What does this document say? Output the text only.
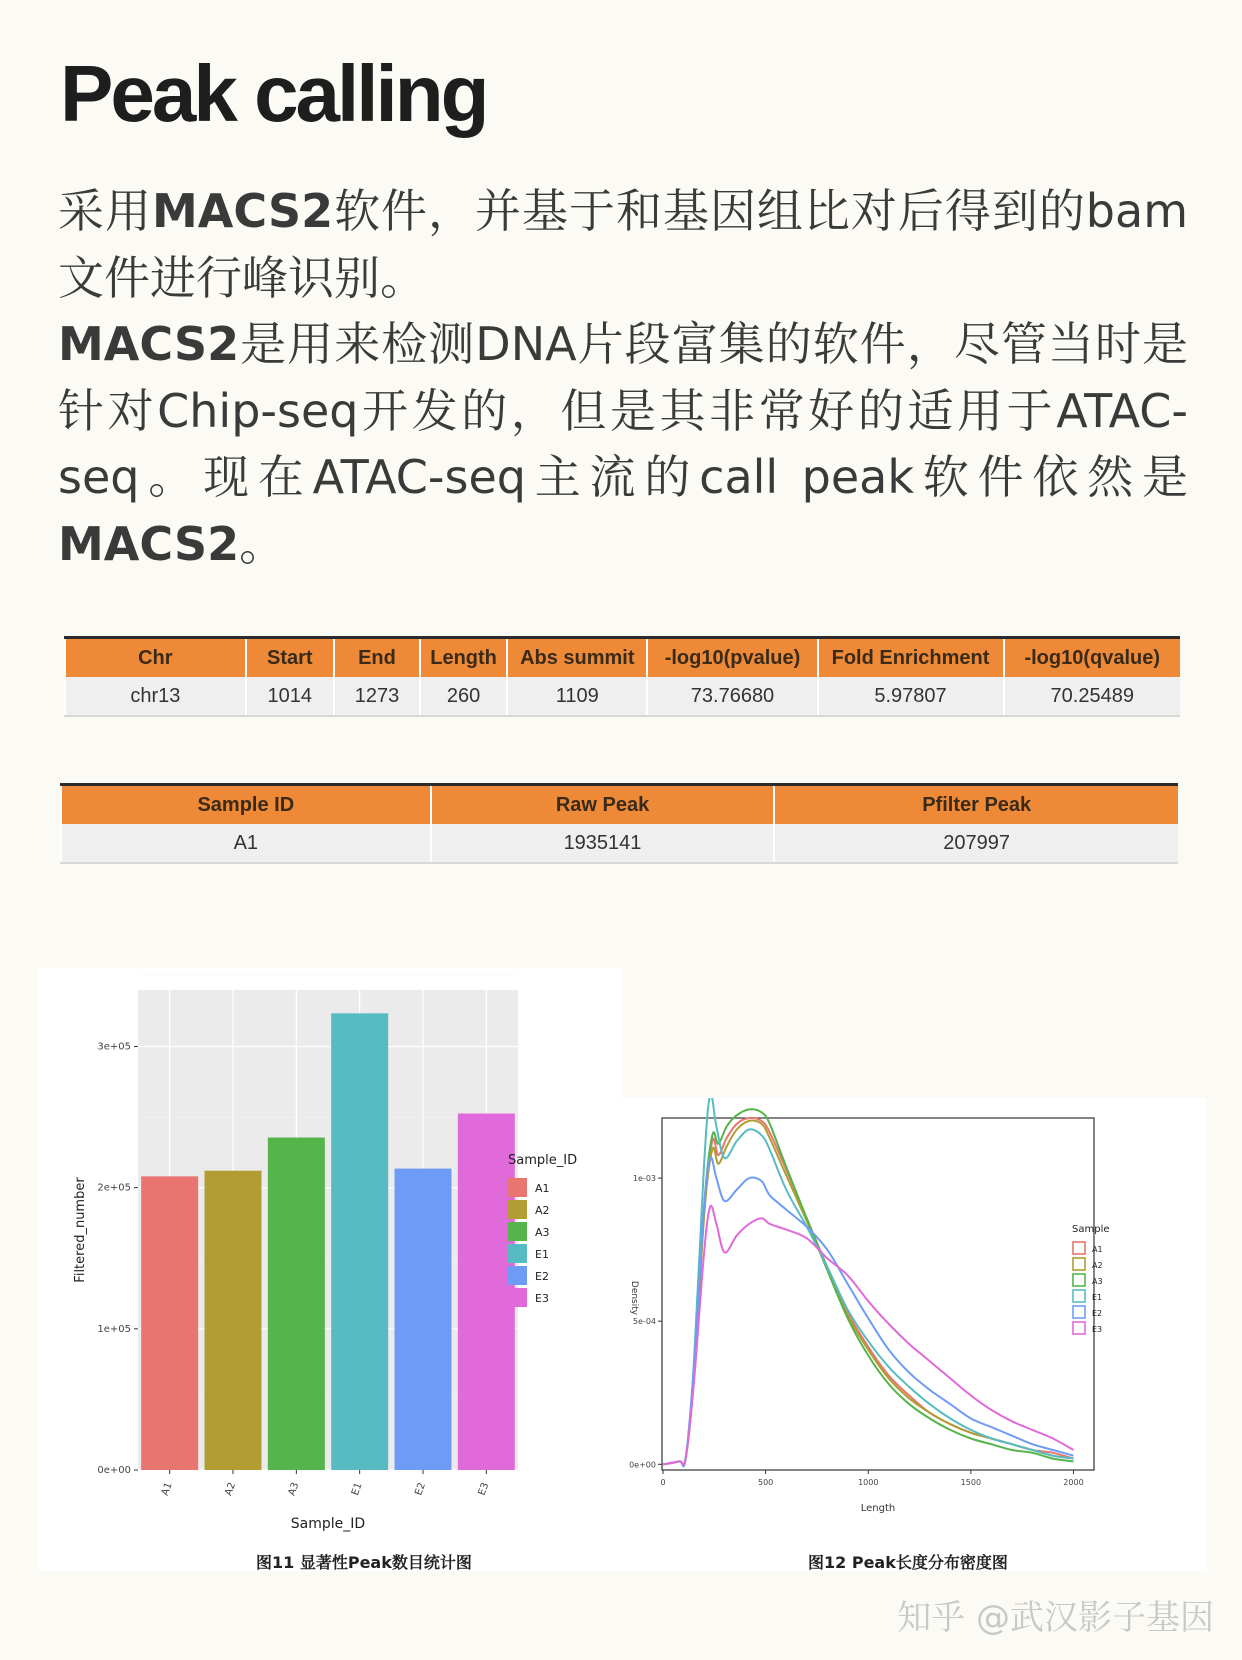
Peak calling

采用MACS2软件，并基于和基因组比对后得到的bam文件进行峰识别。

MACS2是用来检测DNA片段富集的软件，尽管当时是针对Chip-seq开发的，但是其非常好的适用于ATAC-seq。现在ATAC-seq主流的call peak软件依然是MACS2。

Chr	Start	End	Length	Abs summit	-log10(pvalue)	Fold Enrichment	-log10(qvalue)
chr13	1014	1273	260	1109	73.76680	5.97807	70.25489
Sample ID	Raw Peak	Pfilter Peak
A1	1935141	207997
0e+00
1e+05
2e+05
3e+05
A1	A2	A3	E1	E2	E3
Filtered_number
Sample_ID
Sample_ID
A1
A2
A3
E1
E2
E3
图11 显著性Peak数目统计图
0	500	1000	1500	2000
0e+00
5e-04
1e-03
Density
Length
Sample
A1
A2
A3
E1
E2
E3
图12 Peak长度分布密度图
知乎 @武汉影子基因
